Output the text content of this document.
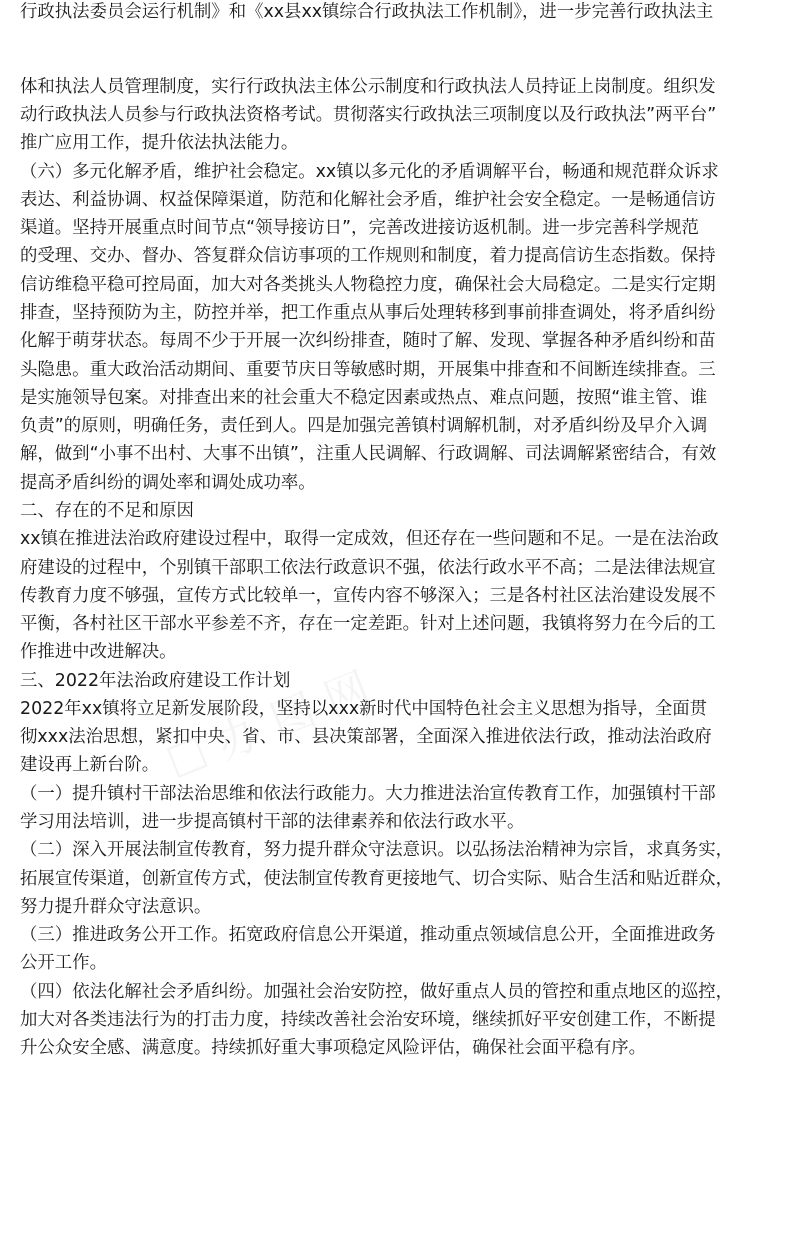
行政执法委员会运行机制》和《xx县xx镇综合行政执法工作机制》，进一步完善行政执法主
体和执法人员管理制度，实行行政执法主体公示制度和行政执法人员持证上岗制度。组织发
动行政执法人员参与行政执法资格考试。贯彻落实行政执法三项制度以及行政执法”两平台”
推广应用工作，提升依法执法能力。
（六）多元化解矛盾，维护社会稳定。xx镇以多元化的矛盾调解平台，畅通和规范群众诉求
表达、利益协调、权益保障渠道，防范和化解社会矛盾，维护社会安全稳定。一是畅通信访
渠道。坚持开展重点时间节点“领导接访日”，完善改进接访返机制。进一步完善科学规范
的受理、交办、督办、答复群众信访事项的工作规则和制度，着力提高信访生态指数。保持
信访维稳平稳可控局面，加大对各类挑头人物稳控力度，确保社会大局稳定。二是实行定期
排查，坚持预防为主，防控并举，把工作重点从事后处理转移到事前排查调处，将矛盾纠纷
化解于萌芽状态。每周不少于开展一次纠纷排查，随时了解、发现、掌握各种矛盾纠纷和苗
头隐患。重大政治活动期间、重要节庆日等敏感时期，开展集中排查和不间断连续排查。三
是实施领导包案。对排查出来的社会重大不稳定因素或热点、难点问题，按照“谁主管、谁
负责”的原则，明确任务，责任到人。四是加强完善镇村调解机制，对矛盾纠纷及早介入调
解，做到“小事不出村、大事不出镇”，注重人民调解、行政调解、司法调解紧密结合，有效
提高矛盾纠纷的调处率和调处成功率。
二、存在的不足和原因
xx镇在推进法治政府建设过程中，取得一定成效，但还存在一些问题和不足。一是在法治政
府建设的过程中，个别镇干部职工依法行政意识不强，依法行政水平不高；二是法律法规宣
传教育力度不够强，宣传方式比较单一，宣传内容不够深入；三是各村社区法治建设发展不
平衡，各村社区干部水平参差不齐，存在一定差距。针对上述问题，我镇将努力在今后的工
作推进中改进解决。
三、2022年法治政府建设工作计划
2022年xx镇将立足新发展阶段，坚持以xxx新时代中国特色社会主义思想为指导，全面贯
彻xxx法治思想，紧扣中央、省、市、县决策部署，全面深入推进依法行政，推动法治政府
建设再上新台阶。
（一）提升镇村干部法治思维和依法行政能力。大力推进法治宣传教育工作，加强镇村干部
学习用法培训，进一步提高镇村干部的法律素养和依法行政水平。
（二）深入开展法制宣传教育，努力提升群众守法意识。以弘扬法治精神为宗旨，求真务实，
拓展宣传渠道，创新宣传方式，使法制宣传教育更接地气、切合实际、贴合生活和贴近群众，
努力提升群众守法意识。
（三）推进政务公开工作。拓宽政府信息公开渠道，推动重点领域信息公开，全面推进政务
公开工作。
（四）依法化解社会矛盾纠纷。加强社会治安防控，做好重点人员的管控和重点地区的巡控，
加大对各类违法行为的打击力度，持续改善社会治安环境，继续抓好平安创建工作，不断提
升公众安全感、满意度。持续抓好重大事项稳定风险评估，确保社会面平稳有序。
